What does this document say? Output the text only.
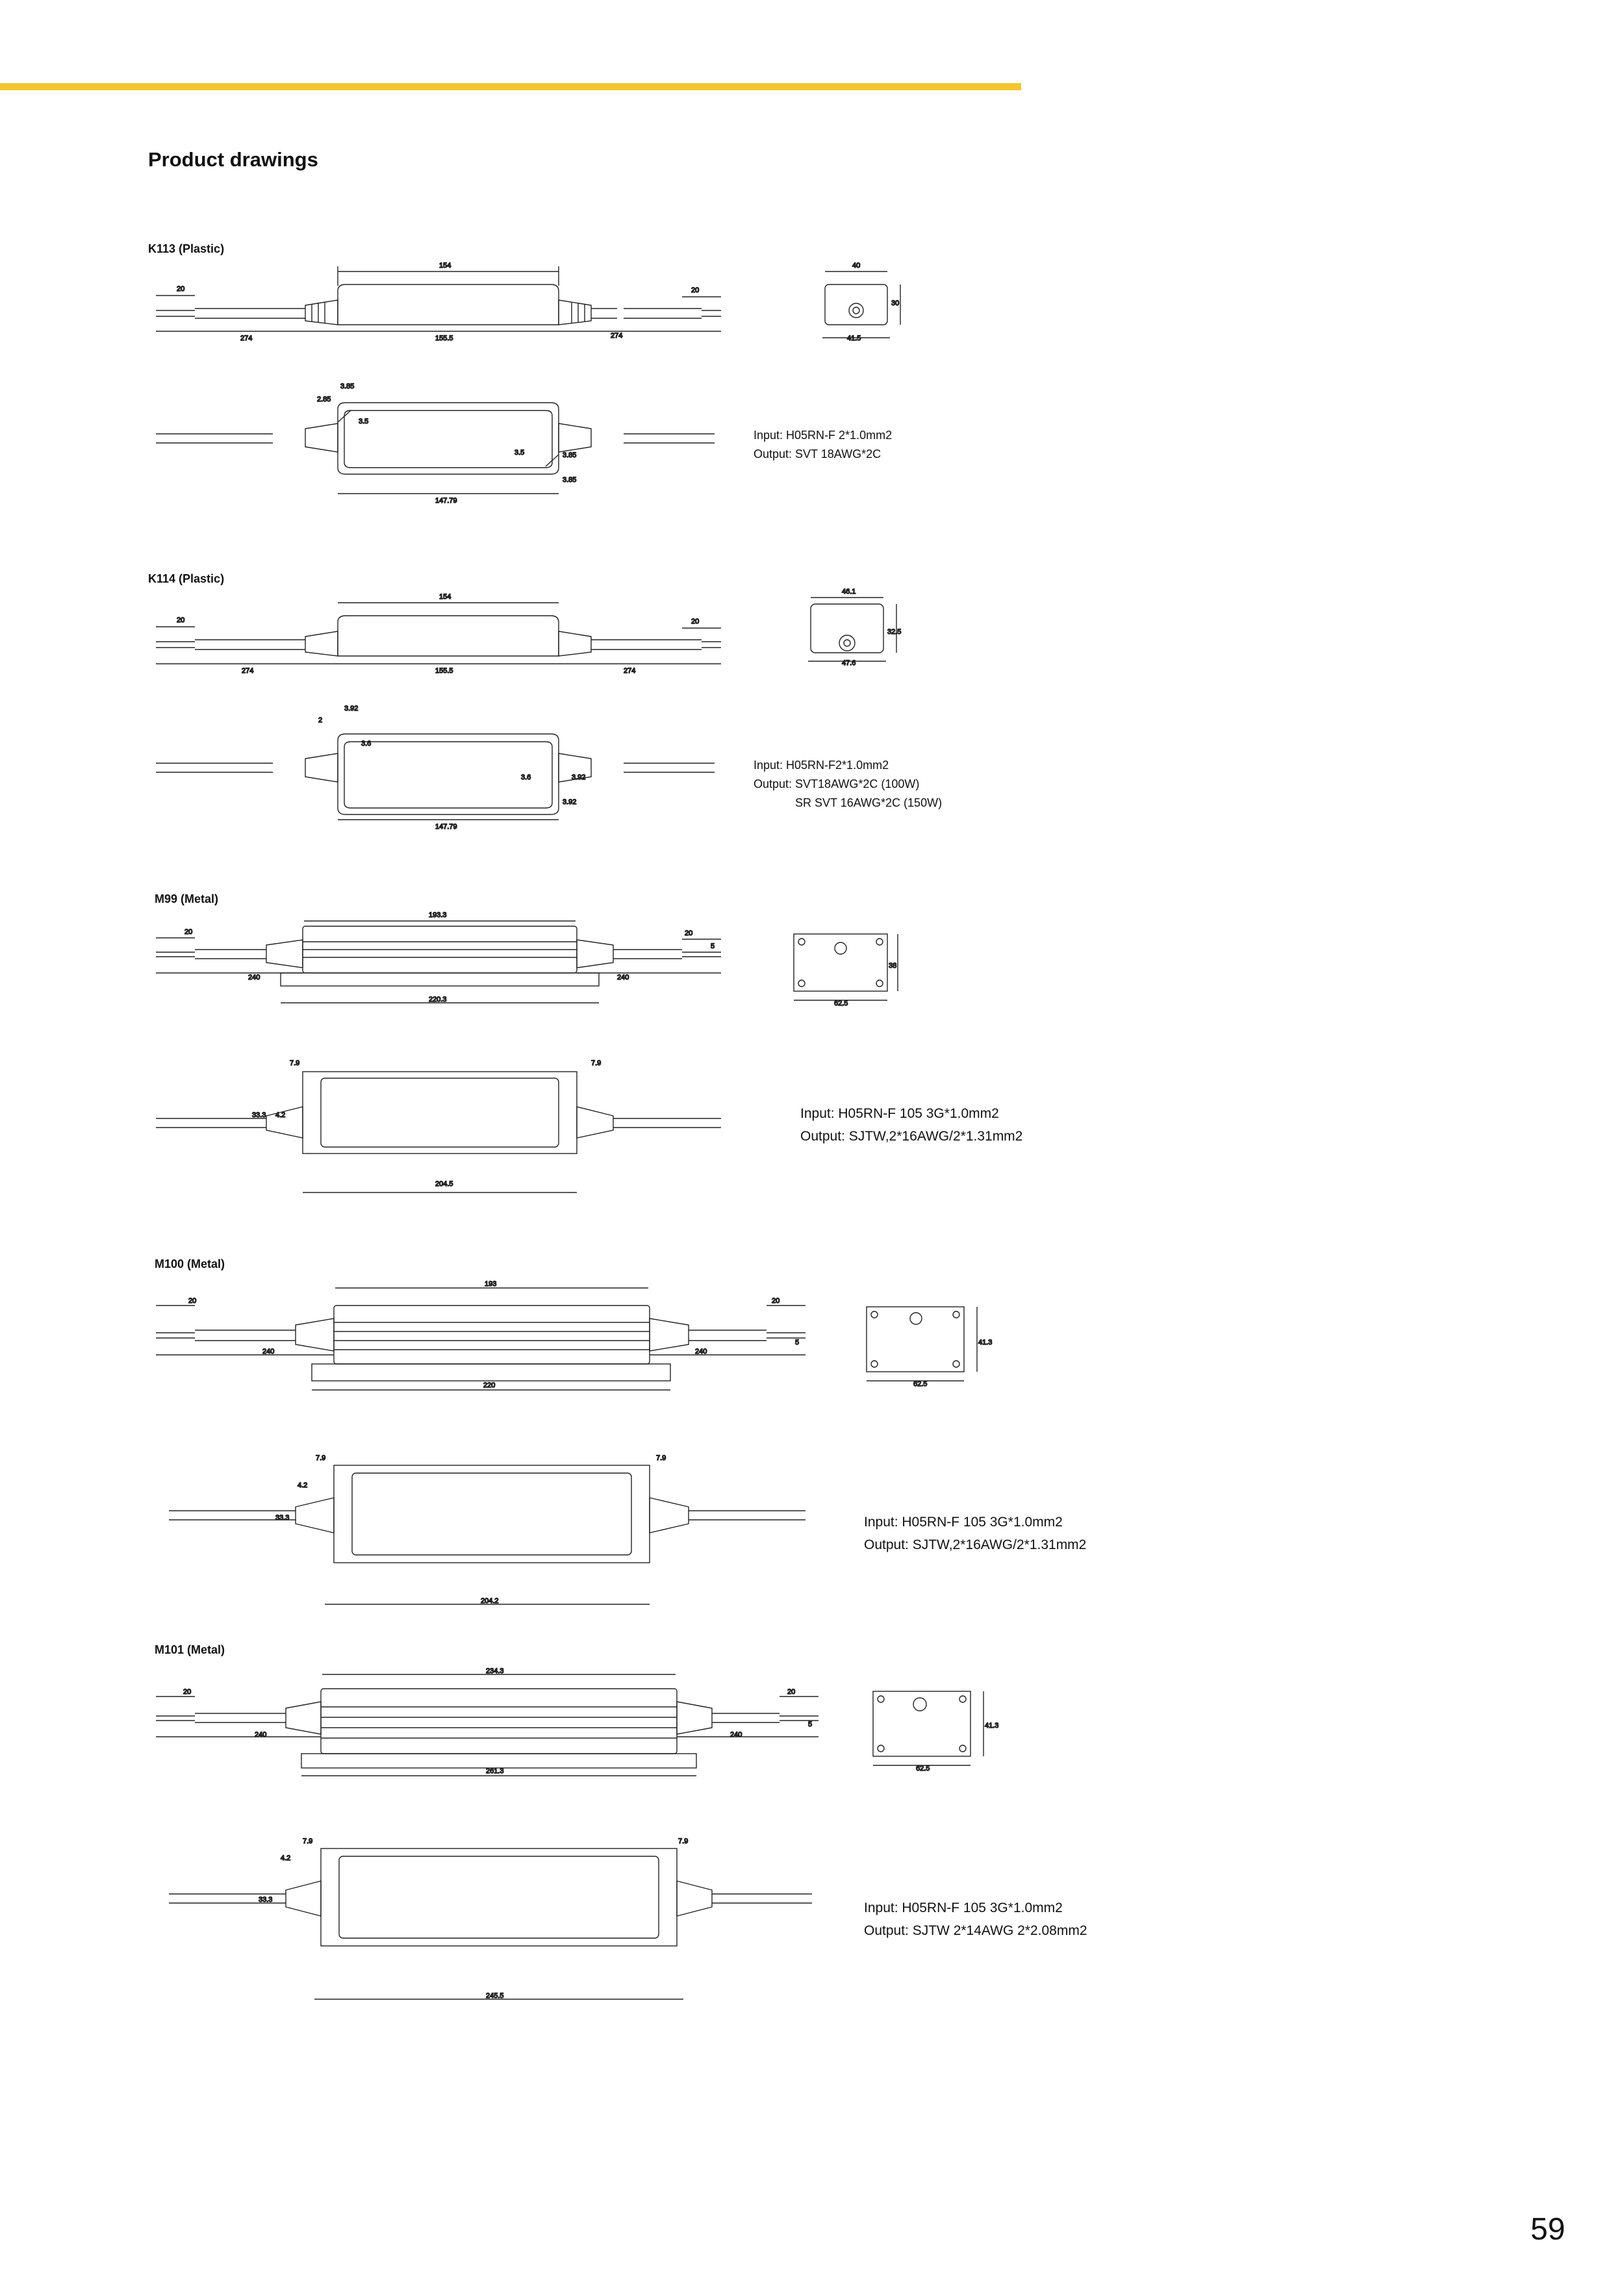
Product drawings
K113 (Plastic)
K114 (Plastic)
M99 (Metal)
M100 (Metal)
M101 (Metal)
Input: H05RN-F 2*1.0mm2
Output: SVT 18AWG*2C
Input: H05RN-F2*1.0mm2
Output: SVT18AWG*2C (100W)
SR SVT 16AWG*2C (150W)
Input: H05RN-F 105 3G*1.0mm2
Output: SJTW,2*16AWG/2*1.31mm2
Input: H05RN-F 105 3G*1.0mm2
Output: SJTW,2*16AWG/2*1.31mm2
Input: H05RN-F 105 3G*1.0mm2
Output: SJTW 2*14AWG 2*2.08mm2
59
154
274	155.5	274
20	20
40
41.5
30
147.79
3.85
2.85
3.5
3.5	3.85
3.85
154
274	155.5	274
20	20
46.1
47.6
32.5
147.79
3.92
2
3.6
3.6	3.92
3.92
193.3
240	240
220.3
20	20
5
62.5
38
204.5
7.9	7.9
4.2
33.3
193
240	240
220
20	20
5
62.5
41.3
204.2
7.9	7.9
4.2
33.3
234.3
240	240
261.3
20	20
5
62.5
41.3
245.5
7.9	7.9
4.2
33.3
